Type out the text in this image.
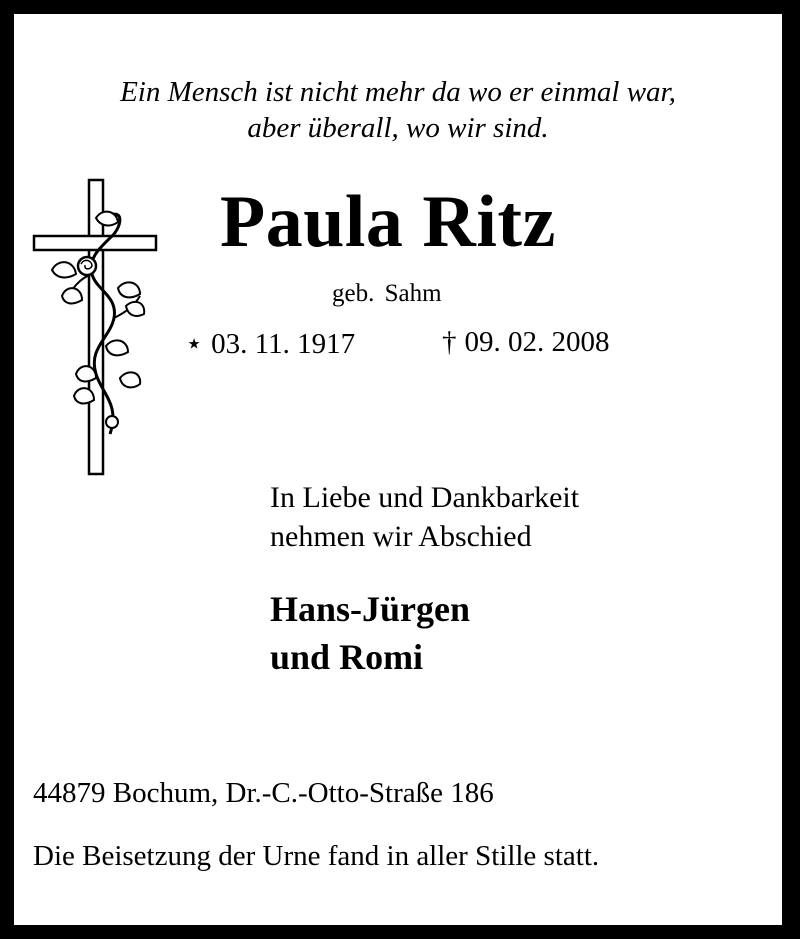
Ein Mensch ist nicht mehr da wo er einmal war,
aber überall, wo wir sind.
Paula Ritz
geb. Sahm
⋆ 03. 11. 1917	† 09. 02. 2008
In Liebe und Dankbarkeit
nehmen wir Abschied
Hans-Jürgen
und Romi
44879 Bochum, Dr.-C.-Otto-Straße 186
Die Beisetzung der Urne fand in aller Stille statt.
